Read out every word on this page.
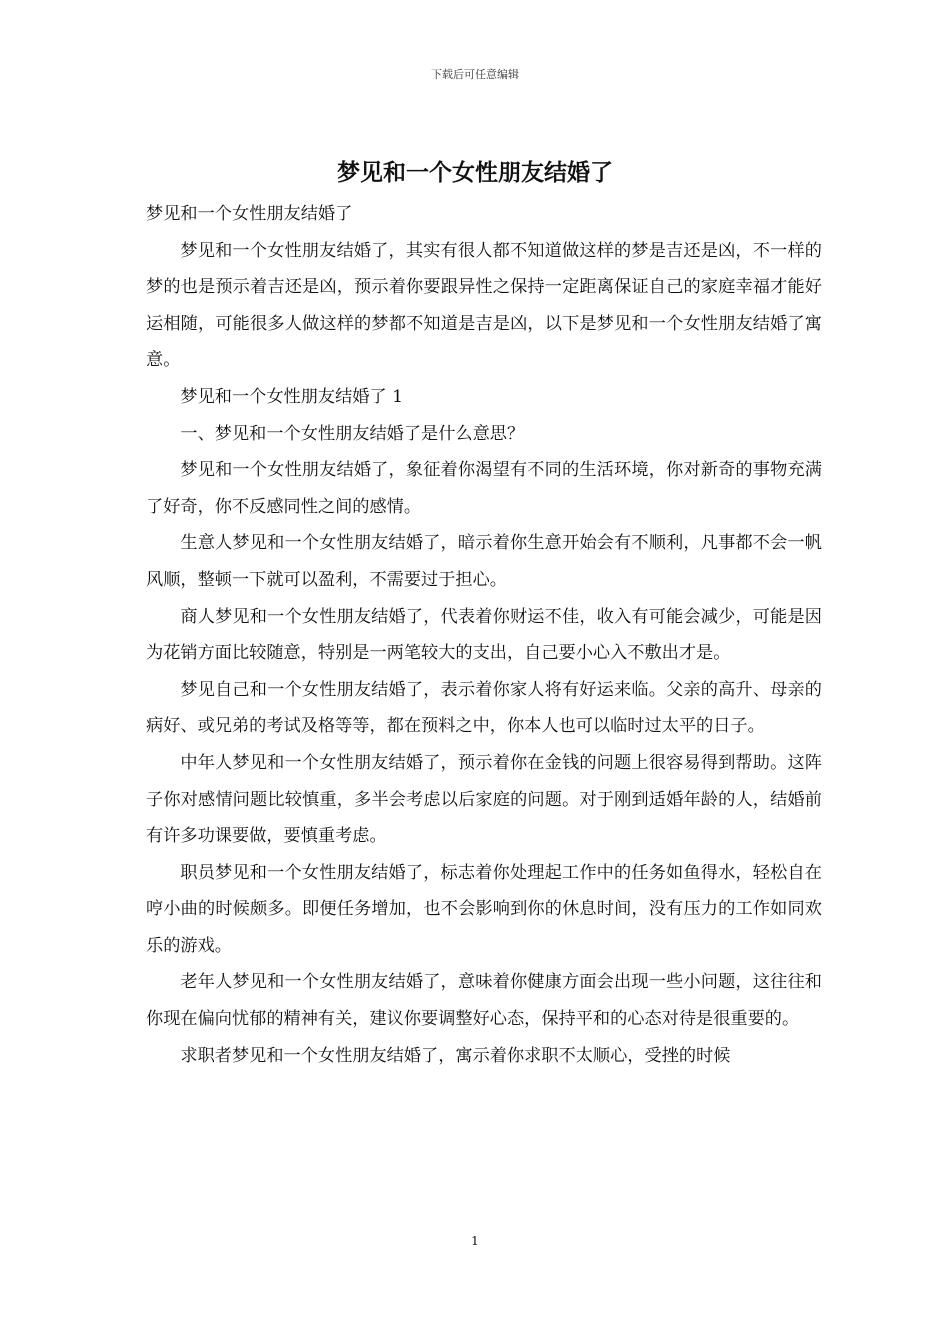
下载后可任意编辑
梦见和一个女性朋友结婚了

梦见和一个女性朋友结婚了

梦见和一个女性朋友结婚了，其实有很人都不知道做这样的梦是吉还是凶，不一样的梦的也是预示着吉还是凶，预示着你要跟异性之保持一定距离保证自己的家庭幸福才能好运相随，可能很多人做这样的梦都不知道是吉是凶，以下是梦见和一个女性朋友结婚了寓意。

梦见和一个女性朋友结婚了 1

一、梦见和一个女性朋友结婚了是什么意思？

梦见和一个女性朋友结婚了，象征着你渴望有不同的生活环境，你对新奇的事物充满了好奇，你不反感同性之间的感情。

生意人梦见和一个女性朋友结婚了，暗示着你生意开始会有不顺利，凡事都不会一帆风顺，整顿一下就可以盈利，不需要过于担心。

商人梦见和一个女性朋友结婚了，代表着你财运不佳，收入有可能会减少，可能是因为花销方面比较随意，特别是一两笔较大的支出，自己要小心入不敷出才是。

梦见自己和一个女性朋友结婚了，表示着你家人将有好运来临。父亲的高升、母亲的病好、或兄弟的考试及格等等，都在预料之中，你本人也可以临时过太平的日子。

中年人梦见和一个女性朋友结婚了，预示着你在金钱的问题上很容易得到帮助。这阵子你对感情问题比较慎重，多半会考虑以后家庭的问题。对于刚到适婚年龄的人，结婚前有许多功课要做，要慎重考虑。

职员梦见和一个女性朋友结婚了，标志着你处理起工作中的任务如鱼得水，轻松自在哼小曲的时候颇多。即便任务增加，也不会影响到你的休息时间，没有压力的工作如同欢乐的游戏。

老年人梦见和一个女性朋友结婚了，意味着你健康方面会出现一些小问题，这往往和你现在偏向忧郁的精神有关，建议你要调整好心态，保持平和的心态对待是很重要的。

求职者梦见和一个女性朋友结婚了，寓示着你求职不太顺心，受挫的时候

1
